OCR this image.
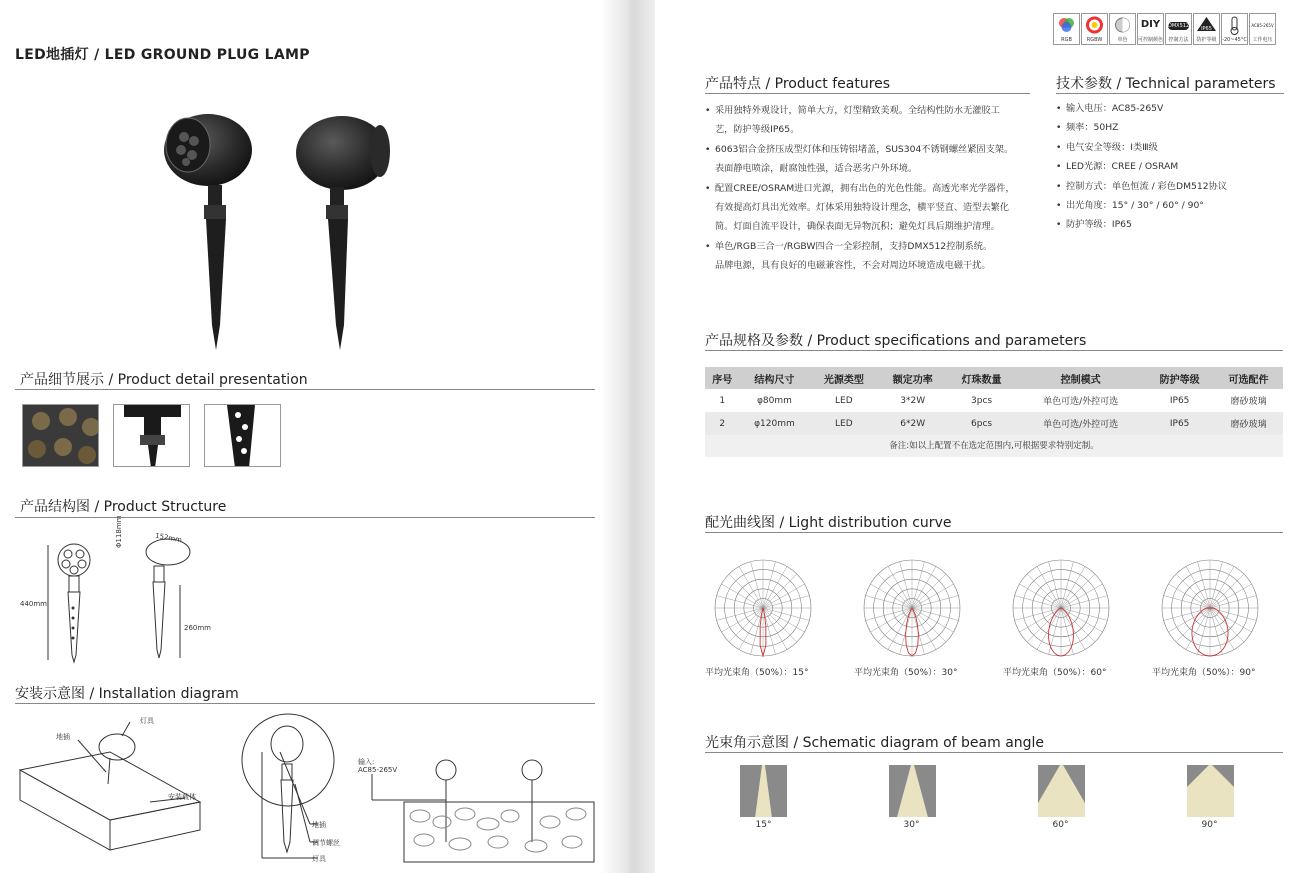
LED地插灯 / LED GROUND PLUG LAMP
产品细节展示 / Product detail presentation
产品结构图 / Product Structure
440mm
Φ118mm	152mm
260mm
安装示意图 / Installation diagram
灯具
地插
安装载体
地插
调节螺丝
灯具
输入:
AC85-265V
RGB	RGBW	单色
DIY
可控制颜色
DMX512
控制方法
IP65
防护等级	-20~45°C
AC85-265V
工作电压
产品特点 / Product features
• 采用独特外观设计，简单大方，灯型精致美观。全结构性防水无灌胶工
艺，防护等级IP65。
• 6063铝合金挤压成型灯体和压铸铝堵盖，SUS304不锈钢螺丝紧固支架。
表面静电喷涂，耐腐蚀性强，适合恶劣户外环境。
• 配置CREE/OSRAM进口光源，拥有出色的光色性能。高透光率光学器件，
有效提高灯具出光效率。灯体采用独特设计理念，横平竖直、造型去繁化
简。灯面自流平设计，确保表面无异物沉积；避免灯具后期维护清理。
• 单色/RGB三合一/RGBW四合一全彩控制，支持DMX512控制系统。
品牌电源，具有良好的电磁兼容性，不会对周边环境造成电磁干扰。
技术参数 / Technical parameters
• 输入电压：AC85-265V
• 频率：50HZ
• 电气安全等级：Ⅰ类Ⅲ级
• LED光源：CREE / OSRAM
• 控制方式：单色恒流 / 彩色DM512协议
• 出光角度：15° / 30° / 60° / 90°
• 防护等级：IP65
产品规格及参数 / Product specifications and parameters
序号	结构尺寸	光源类型	额定功率	灯珠数量	控制模式	防护等级	可选配件
1	φ80mm	LED	3*2W	3pcs	单色可选/外控可选	IP65	磨砂玻璃
2	φ120mm	LED	6*2W	6pcs	单色可选/外控可选	IP65	磨砂玻璃
备注:如以上配置不在选定范围内,可根据要求特别定制。
配光曲线图 / Light distribution curve
平均光束角（50%）：15°	平均光束角（50%）：30°	平均光束角（50%）：60°	平均光束角（50%）：90°
光束角示意图 / Schematic diagram of beam angle
15°	30°	60°	90°
